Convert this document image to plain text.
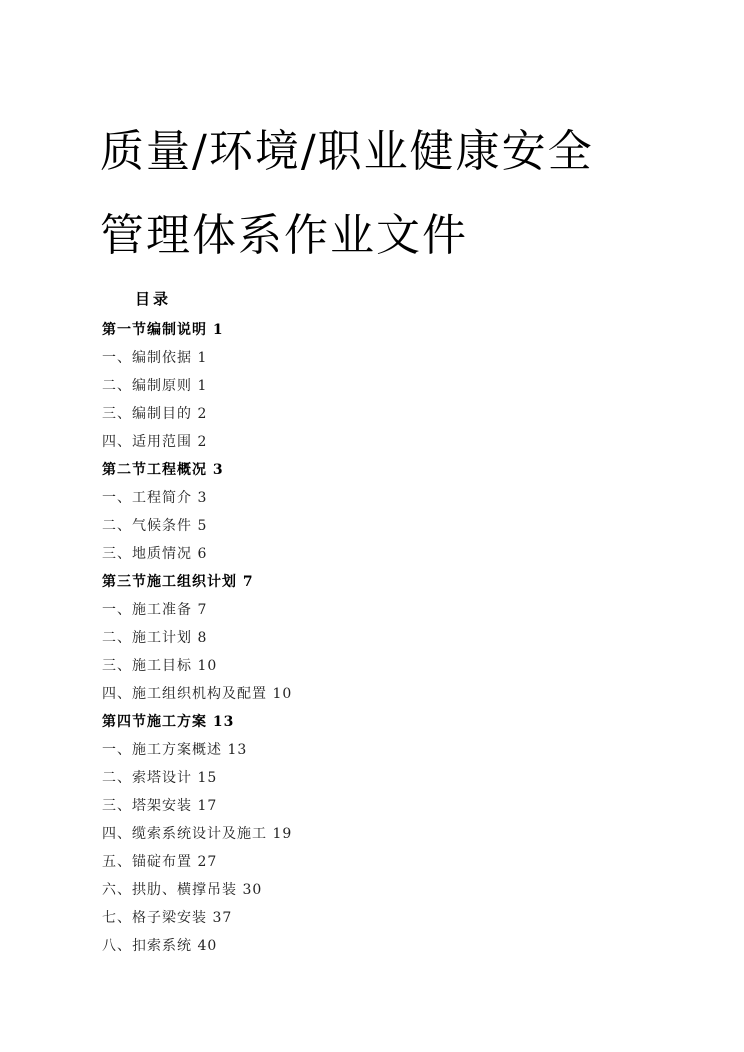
质量/环境/职业健康安全
管理体系作业文件
目录
第一节编制说明 1
一、编制依据 1
二、编制原则 1
三、编制目的 2
四、适用范围 2
第二节工程概况 3
一、工程简介 3
二、气候条件 5
三、地质情况 6
第三节施工组织计划 7
一、施工准备 7
二、施工计划 8
三、施工目标 10
四、施工组织机构及配置 10
第四节施工方案 13
一、施工方案概述 13
二、索塔设计 15
三、塔架安装 17
四、缆索系统设计及施工 19
五、锚碇布置 27
六、拱肋、横撑吊装 30
七、格子梁安装 37
八、扣索系统 40
